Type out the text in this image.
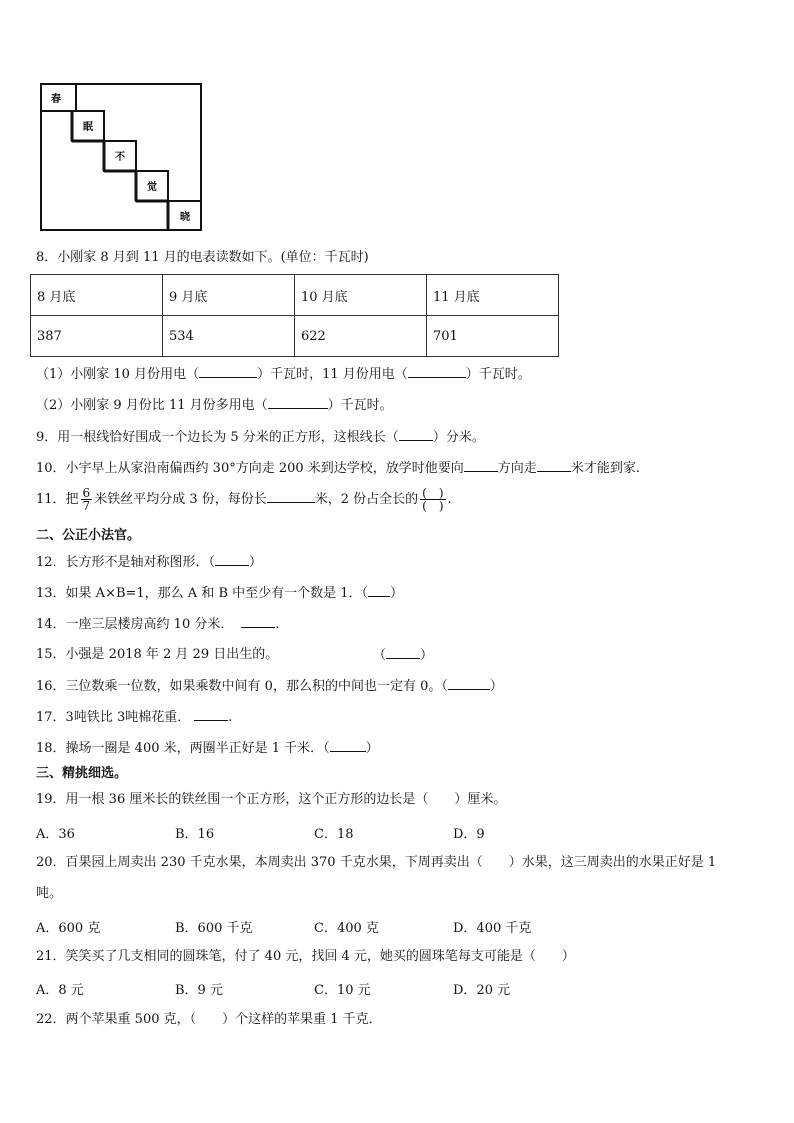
春
眠
不
觉
晓
8．小刚家 8 月到 11 月的电表读数如下。(单位：千瓦时)
8 月底	9 月底	10 月底	11 月底
387	534	622	701
（1）小刚家 10 月份用电（	）千瓦时，11 月份用电（	）千瓦时。
（2）小刚家 9 月份比 11 月份多用电（	）千瓦时。
9．用一根线恰好围成一个边长为 5 分米的正方形，这根线长（	）分米。
10．小宇早上从家沿南偏西约 30°方向走 200 米到达学校，放学时他要向	方向走	米才能到家.
11．把 $\frac{6}{7}$ 米铁丝平均分成 3 份，每份长	米，2 份占全长的 $\frac{( )}{( )}$ .
二、公正小法官。
12．长方形不是轴对称图形．（	）
13．如果 A×B=1，那么 A 和 B 中至少有一个数是 1．（ ）
14．一座三层楼房高约 10 分米．	.
15．小强是 2018 年 2 月 29 日出生的。	（	）
16．三位数乘一位数，如果乘数中间有 0，那么积的中间也一定有 0。（	）
17．3吨铁比 3吨棉花重．	.
18．操场一圈是 400 米，两圈半正好是 1 千米．（	）
三、精挑细选。
19．用一根 36 厘米长的铁丝围一个正方形，这个正方形的边长是（　　）厘米。
A．36	B．16	C．18	D．9
20．百果园上周卖出 230 千克水果，本周卖出 370 千克水果，下周再卖出（　　）水果，这三周卖出的水果正好是 1
吨。
A．600 克	B．600 千克	C．400 克	D．400 千克
21．笑笑买了几支相同的圆珠笔，付了 40 元，找回 4 元，她买的圆珠笔每支可能是（　　）
A．8 元	B．9 元	C．10 元	D．20 元
22．两个苹果重 500 克，（　　）个这样的苹果重 1 千克．
